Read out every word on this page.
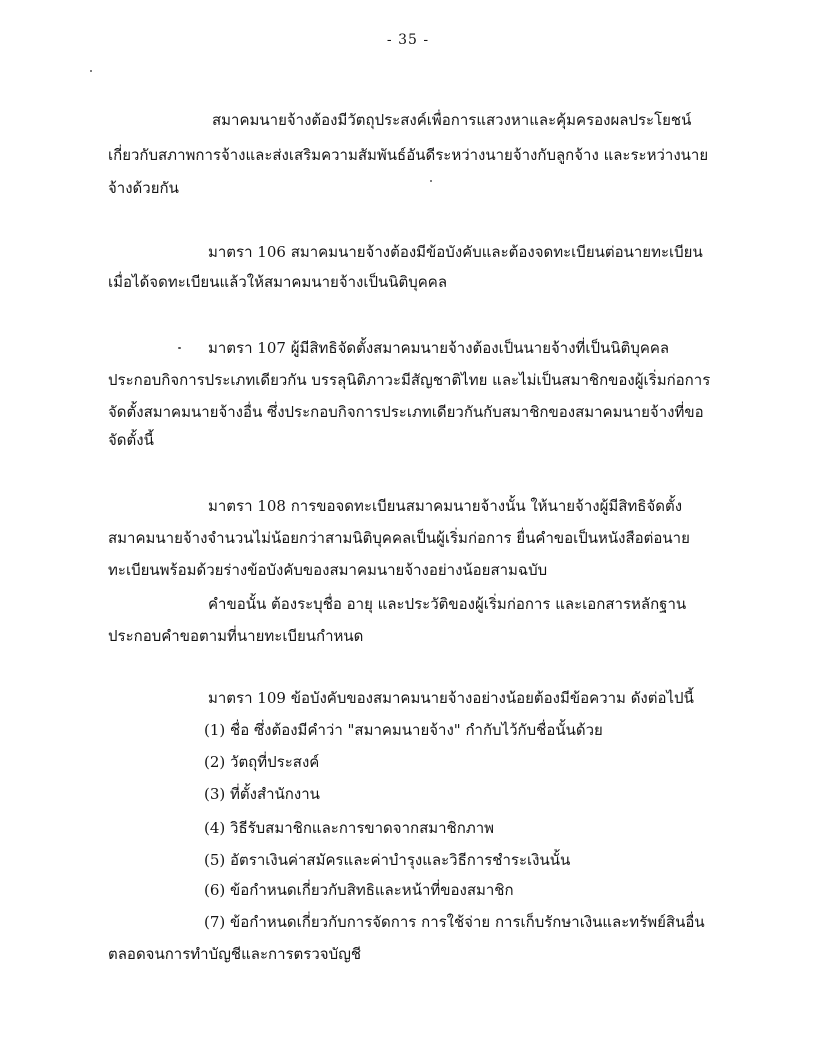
- 35 -
สมาคมนายจ้างต้องมีวัตถุประสงค์เพื่อการแสวงหาและคุ้มครองผลประโยชน์
เกี่ยวกับสภาพการจ้างและส่งเสริมความสัมพันธ์อันดีระหว่างนายจ้างกับลูกจ้าง และระหว่างนาย
จ้างด้วยกัน
มาตรา 106 สมาคมนายจ้างต้องมีข้อบังคับและต้องจดทะเบียนต่อนายทะเบียน
เมื่อได้จดทะเบียนแล้วให้สมาคมนายจ้างเป็นนิติบุคคล
มาตรา 107 ผู้มีสิทธิจัดตั้งสมาคมนายจ้างต้องเป็นนายจ้างที่เป็นนิติบุคคล
ประกอบกิจการประเภทเดียวกัน บรรลุนิติภาวะมีสัญชาติไทย และไม่เป็นสมาชิกของผู้เริ่มก่อการ
จัดตั้งสมาคมนายจ้างอื่น ซึ่งประกอบกิจการประเภทเดียวกันกับสมาชิกของสมาคมนายจ้างที่ขอ
จัดตั้งนี้
มาตรา 108 การขอจดทะเบียนสมาคมนายจ้างนั้น ให้นายจ้างผู้มีสิทธิจัดตั้ง
สมาคมนายจ้างจำนวนไม่น้อยกว่าสามนิติบุคคลเป็นผู้เริ่มก่อการ ยื่นคำขอเป็นหนังสือต่อนาย
ทะเบียนพร้อมด้วยร่างข้อบังคับของสมาคมนายจ้างอย่างน้อยสามฉบับ
คำขอนั้น ต้องระบุชื่อ อายุ และประวัติของผู้เริ่มก่อการ และเอกสารหลักฐาน
ประกอบคำขอตามที่นายทะเบียนกำหนด
มาตรา 109 ข้อบังคับของสมาคมนายจ้างอย่างน้อยต้องมีข้อความ ดังต่อไปนี้
(1) ชื่อ ซึ่งต้องมีคำว่า "สมาคมนายจ้าง" กำกับไว้กับชื่อนั้นด้วย
(2) วัตถุที่ประสงค์
(3) ที่ตั้งสำนักงาน
(4) วิธีรับสมาชิกและการขาดจากสมาชิกภาพ
(5) อัตราเงินค่าสมัครและค่าบำรุงและวิธีการชำระเงินนั้น
(6) ข้อกำหนดเกี่ยวกับสิทธิและหน้าที่ของสมาชิก
(7) ข้อกำหนดเกี่ยวกับการจัดการ การใช้จ่าย การเก็บรักษาเงินและทรัพย์สินอื่น
ตลอดจนการทำบัญชีและการตรวจบัญชี
